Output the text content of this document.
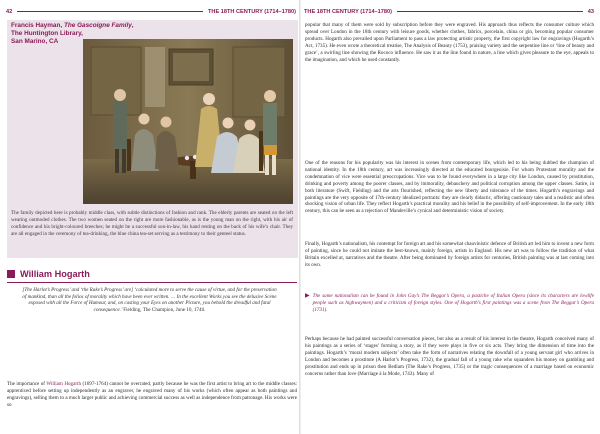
42	THE 18TH CENTURY (1714–1780) THE 18TH CENTURY (1714–1780)	43
Francis Hayman, The Gascoigne Family, The Huntington Library,
San Marino, CA
The family depicted here is probably middle class, with subtle distinctions of fashion and rank. The elderly parents are seated on the left wearing outmoded clothes. The two women seated on the right are more fashionable, as is the young man on the right, with his air of confidence and his bright-coloured breeches; he might be a successful son-in-law, his hand resting on the back of his wife’s chair. They are all engaged in the ceremony of tea-drinking, the blue china tea-set serving as a testimony to their genteel status.
William Hogarth
[The Harlot’s Progress’ and ‘the Rake’s Progress’ are] ‘calculated more to serve the cause of virtue, and for the preservation of mankind, than all the folios of morality which have been ever written. … In the excellent Works you see the delusive Scene exposed with all the Force of Humour, and, on casting your Eyes on another Picture, you behold the dreadful and fatal consequence.’ Fielding, The Champion, June 10, 1740.
The importance of William Hogarth (1697-1764) cannot be overrated, partly because he was the first artist to bring art to the middle classes: apprenticed before setting up independently as an engraver, he engraved many of his works (which often appear as both paintings and engravings), selling them to a much larger public and achieving commercial success as well as independence from patronage. His works were so
popular that many of them were sold by subscription before they were engraved. His approach thus reflects the consumer culture which spread over London in the 18th century with leisure goods, whether clothes, fabrics, porcelain, china or gin, becoming popular consumer products. Hogarth also prevailed upon Parliament to pass a law protecting artistic property, the first copyright law for engravings (Hogarth’s Act, 1735). He even wrote a theoretical treatise, The Analysis of Beauty (1753), praising variety and the serpentine line or ‘line of beauty and grace’, a swirling line showing the Rococo influence. He saw it as the line found in nature, a line which gives pleasure to the eye, appeals to the imagination, and which he used constantly.
One of the reasons for his popularity was his interest in scenes from contemporary life, which led to his being dubbed the champion of national identity. In the 18th century, art was increasingly directed at the educated bourgeoisie. For whom Protestant morality and the condemnation of vice were essential preoccupations. Vice was to be found everywhere in a large city like London, caused by prostitution, drinking and poverty among the poorer classes, and by immorality, debauchery and political corruption among the upper classes. Satire, in both literature (Swift, Fielding) and the arts flourished, reflecting the new liberty and tolerance of the times. Hogarth’s engravings and paintings are the very opposite of 17th-century idealized portraits: they are clearly didactic, offering cautionary tales and a realistic and often shocking vision of urban life. They reflect Hogarth’s practical morality and his belief in the possibility of self-improvement. In the early 18th century, this can be seen as a rejection of Mandeville’s cynical and deterministic vision of society.
Finally, Hogarth’s nationalism, his contempt for foreign art and his somewhat chauvinistic defence of British art led him to invent a new form of painting, since he could not imitate the best-known, mainly foreign, artists in England. His new art was to follow the tradition of what Britain excelled at, narratives and the theatre. After being dominated by foreign artists for centuries, British painting was at last coming into its own.
▶ The same nationalism can be found in John Gay’s The Beggar’s Opera, a pastiche of Italian Opera (since its characters are lowlife people such as highwaymen) and a criticism of foreign styles. One of Hogarth’s first paintings was a scene from The Beggar’s Opera (1731).
Perhaps because he had painted successful conversation pieces, but also as a result of his interest in the theatre, Hogarth conceived many of his paintings as a series of ‘stages’ forming a story, as if they were plays in five or six acts. They bring the dimension of time into the paintings. Hogarth’s ‘moral modern subjects’ often take the form of narratives relating the downfall of a young servant girl who arrives in London and becomes a prostitute (A Harlot’s Progress, 1732), the gradual fall of a young rake who squanders his money on gambling and prostitution and ends up in prison then Bedlam (The Rake’s Progress, 1735) or the tragic consequences of a marriage based on economic concerns rather than love (Marriage à la Mode, 1743). Many of
